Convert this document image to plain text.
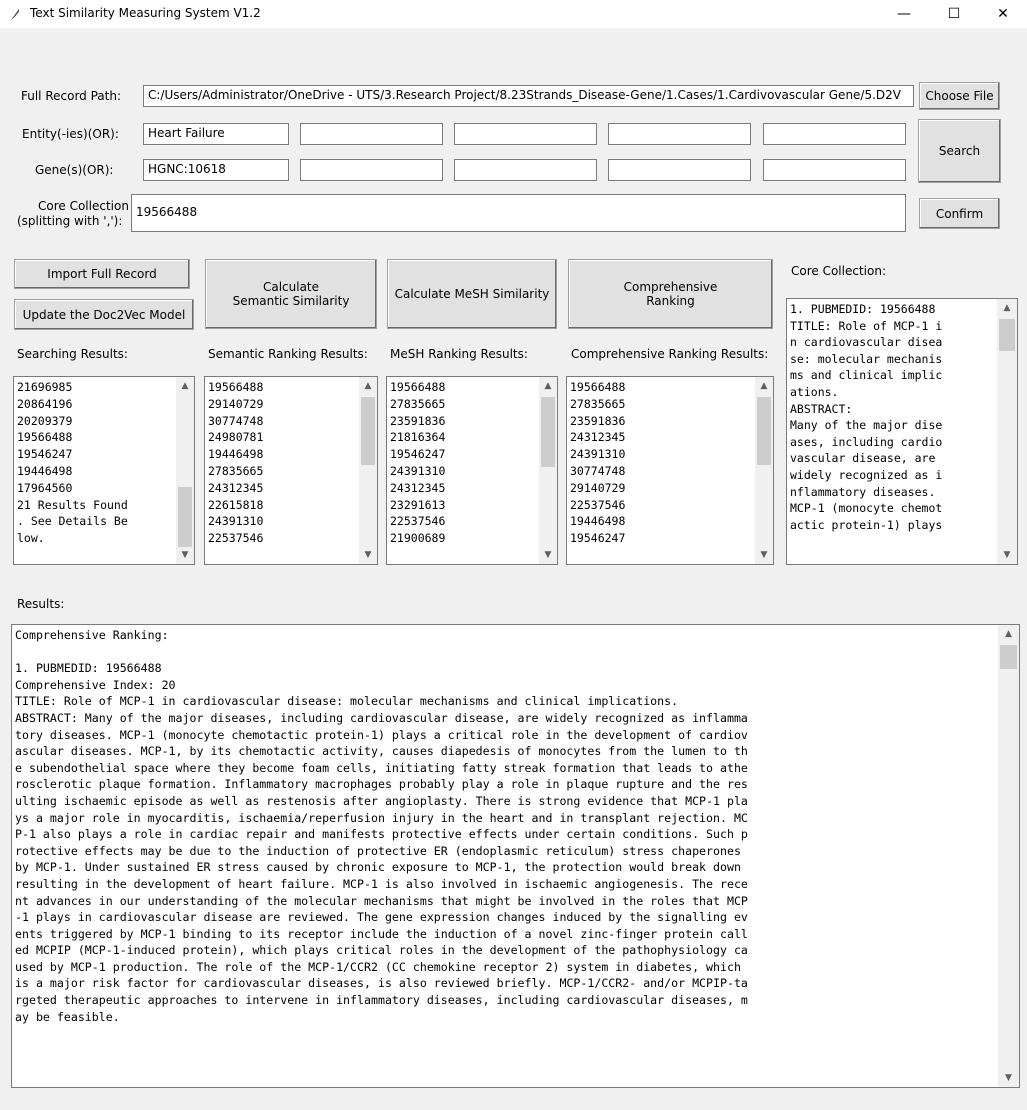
Text Similarity Measuring System V1.2	—	☐	✕
Full Record Path:	C:/Users/Administrator/OneDrive - UTS/3.Research Project/8.23Strands_Disease-Gene/1.Cases/1.Cardivovascular Gene/5.D2V	Choose File
Entity(-ies)(OR):	Heart Failure
Search
Gene(s)(OR):	HGNC:10618
Core Collection
(splitting with ','):
19566488	Confirm
Import Full Record
Update the Doc2Vec Model
Calculate
Semantic Similarity	Calculate MeSH Similarity	Comprehensive
Ranking
Searching Results:	Semantic Ranking Results: MeSH Ranking Results:	Comprehensive Ranking Results:
Core Collection:
21696985
20864196
20209379
19566488
19546247
19446498
17964560
21 Results Found
. See Details Be
low.
▲
▼
19566488
29140729
30774748
24980781
19446498
27835665
24312345
22615818
24391310
22537546
▲
▼
19566488
27835665
23591836
21816364
19546247
24391310
24312345
23291613
22537546
21900689
▲
▼
19566488
27835665
23591836
24312345
24391310
30774748
29140729
22537546
19446498
19546247
▲
▼
1. PUBMEDID: 19566488
TITLE: Role of MCP-1 i
n cardiovascular disea
se: molecular mechanis
ms and clinical implic
ations.
ABSTRACT:
Many of the major dise
ases, including cardio
vascular disease, are
widely recognized as i
nflammatory diseases.
MCP-1 (monocyte chemot
actic protein-1) plays
▲
▼
Results:
Comprehensive Ranking:

1. PUBMEDID: 19566488
Comprehensive Index: 20
TITLE: Role of MCP-1 in cardiovascular disease: molecular mechanisms and clinical implications.
ABSTRACT: Many of the major diseases, including cardiovascular disease, are widely recognized as inflamma
tory diseases. MCP-1 (monocyte chemotactic protein-1) plays a critical role in the development of cardiov
ascular diseases. MCP-1, by its chemotactic activity, causes diapedesis of monocytes from the lumen to th
e subendothelial space where they become foam cells, initiating fatty streak formation that leads to athe
rosclerotic plaque formation. Inflammatory macrophages probably play a role in plaque rupture and the res
ulting ischaemic episode as well as restenosis after angioplasty. There is strong evidence that MCP-1 pla
ys a major role in myocarditis, ischaemia/reperfusion injury in the heart and in transplant rejection. MC
P-1 also plays a role in cardiac repair and manifests protective effects under certain conditions. Such p
rotective effects may be due to the induction of protective ER (endoplasmic reticulum) stress chaperones
by MCP-1. Under sustained ER stress caused by chronic exposure to MCP-1, the protection would break down
resulting in the development of heart failure. MCP-1 is also involved in ischaemic angiogenesis. The rece
nt advances in our understanding of the molecular mechanisms that might be involved in the roles that MCP
-1 plays in cardiovascular disease are reviewed. The gene expression changes induced by the signalling ev
ents triggered by MCP-1 binding to its receptor include the induction of a novel zinc-finger protein call
ed MCPIP (MCP-1-induced protein), which plays critical roles in the development of the pathophysiology ca
used by MCP-1 production. The role of the MCP-1/CCR2 (CC chemokine receptor 2) system in diabetes, which
is a major risk factor for cardiovascular diseases, is also reviewed briefly. MCP-1/CCR2- and/or MCPIP-ta
rgeted therapeutic approaches to intervene in inflammatory diseases, including cardiovascular diseases, m
ay be feasible.
▲
▼
